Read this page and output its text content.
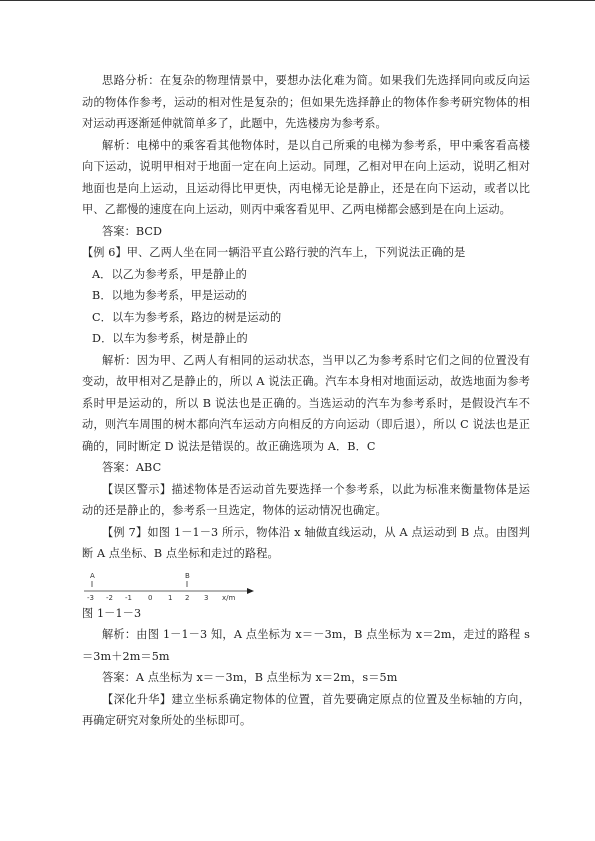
思路分析：在复杂的物理情景中，要想办法化难为简。如果我们先选择同向或反向运动的物体作参考，运动的相对性是复杂的；但如果先选择静止的物体作参考研究物体的相对运动再逐渐延伸就简单多了，此题中，先选楼房为参考系。

解析：电梯中的乘客看其他物体时，是以自己所乘的电梯为参考系，甲中乘客看高楼向下运动，说明甲相对于地面一定在向上运动。同理，乙相对甲在向上运动，说明乙相对地面也是向上运动，且运动得比甲更快，丙电梯无论是静止，还是在向下运动，或者以比甲、乙都慢的速度在向上运动，则丙中乘客看见甲、乙两电梯都会感到是在向上运动。

答案：BCD

【例 6】甲、乙两人坐在同一辆沿平直公路行驶的汽车上，下列说法正确的是

A．以乙为参考系，甲是静止的

B．以地为参考系，甲是运动的

C．以车为参考系，路边的树是运动的

D．以车为参考系，树是静止的

解析：因为甲、乙两人有相同的运动状态，当甲以乙为参考系时它们之间的位置没有变动，故甲相对乙是静止的，所以 A 说法正确。汽车本身相对地面运动，故选地面为参考系时甲是运动的，所以 B 说法也是正确的。当选运动的汽车为参考系时，是假设汽车不动，则汽车周围的树木都向汽车运动方向相反的方向运动（即后退），所以 C 说法也是正确的，同时断定 D 说法是错误的。故正确选项为 A．B．C

答案：ABC

【误区警示】描述物体是否运动首先要选择一个参考系，以此为标准来衡量物体是运动的还是静止的，参考系一旦选定，物体的运动情况也确定。

【例 7】如图 1－1－3 所示，物体沿 x 轴做直线运动，从 A 点运动到 B 点。由图判断 A 点坐标、B 点坐标和走过的路程。

A	B
-3 -2 -1 0 1 2 3 x/m

图 1－1－3

解析：由图 1－1－3 知，A 点坐标为 x＝－3m，B 点坐标为 x＝2m，走过的路程 s＝3m＋2m＝5m

答案：A 点坐标为 x＝－3m，B 点坐标为 x＝2m，s＝5m

【深化升华】建立坐标系确定物体的位置，首先要确定原点的位置及坐标轴的方向，再确定研究对象所处的坐标即可。
